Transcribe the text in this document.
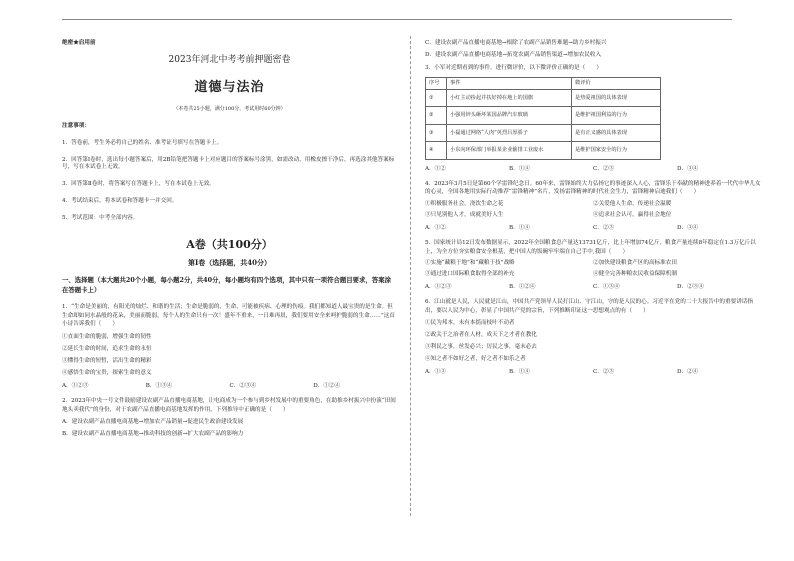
绝密★启用前

2023年河北中考考前押题密卷

道德与法治

（本卷共25小题，满分100分，考试用时60分钟）

注意事项：

1．答卷前，考生务必将自己的姓名、准考证号填写在答题卡上。

2．回答第Ⅰ卷时，选出每小题答案后，用2B铅笔把答题卡上对应题目的答案标号涂黑，如需改动，用橡皮擦干净后，再选涂其他答案标号，写在本试卷上无效。

3．回答第Ⅱ卷时，将答案写在答题卡上，写在本试卷上无效。

4．考试结束后，将本试卷和答题卡一并交回。

5．考试范围：中考全部内容。

A卷（共100分）

第Ⅰ卷（选择题，共40分）

一、选择题（本大题共20个小题，每小题2分，共40分，每小题均有四个选项，其中只有一项符合题目要求，答案涂在答题卡上）

1．“生命是美丽的，有阳光的灿烂、和谐的生活；生命是脆弱的，生命，可能被疾病、心理的伤痕。我们都知道人最宝贵的是生命。但生命却如同水晶般的花朵，美丽而脆弱，每个人的生命只有一次！盛年不重来，一日难再晨，我们要用安全来呵护脆弱的生命……”这首小诗告诉我们（　　）

①直面生命的脆弱，增强生命的韧性

②延长生命的时间，追求生命的永恒

③懂得生命的短暂，活出生命的精彩

④感悟生命的宝贵，探索生命的意义

A．①②③	B．①③④	C．②③④	D．①②④

2．2023年中央一号文件鼓励建设农副产品直播电商基地，让电商成为一个参与到乡村发展中的重要角色，在助推乡村振兴中扮演“田间地头卖我代”的身份，对于农副产品直播电商基地发挥的作用，下列推导中正确的是（　　）

A．建设农副产品直播电商基地→增加农产品销量→促进民生政治建设发展

B．建设农副产品直播电商基地→推动科技的创新→扩大农副产品的影响力

C．建设农副产品直播电商基地→根除了农副产品销售难题→助力乡村振兴

D．建设农副产品直播电商基地→拓宽农副产品销售渠道→增加农民收入

3．小军对近期看到的事件，进行微评价，以下微评价正确的是（　　）

序号	事件	微评价
①	小红主动捡起并扶好掉在地上的国旗	是热爱祖国的具体表现
②	小强用锌头砸坏某国品牌汽车玻璃	是维护祖国利益的行为
③	小磊通过网络“人肉”英烈吕厚骄子	是有正义感的具体表现
④	小东向环保部门举报某企业偷排工业废水	是维护国家安全的行为
A．①②	B．①④	C．②③	D．③④

4．2023年3月5日是第60个学雷锋纪念日。60年来，雷锋始终大力弘扬它的事迹深入人心，雷锋乐于奉献的精神进养着一代代中华儿女的心灵，全国各地用实际行动推荐“雷锋精神”名片，发扬雷锋精神的时代社会生力，雷锋精神启迪我们（　　）

①积极服务社会，浇饮生命之花	②关爱他人生命，传递社会温暖
③只见别他人才，成就美好人生	④追求社会认可，赢得社会地位
A．①②	B．①④	C．②③	D．③④

5．国家统计局12日发布数据显示，2022年全国粮食总产量达13731亿斤，比上年增加74亿斤，粮食产量连续8年稳定在1.3万亿斤以上，为全方位夯实粮食安全根基，把中国人的饭碗牢牢端在自己手中,我国（　　）

①实施“藏粮于地”和“藏粮于技”战略	②加快建设粮食产区的高标准农田
③通过进口国际粮食取得全部的补充	④健全完善种粮农民收益保障机制
A．①②③	B．①②④	C．①③④	D．②③④

6．江山就是人民，人民就是江山，中国共产党领导人民打江山、守江山，守的是人民的心。习近平在党的二十大报告中的重要讲话指出，要以人民为中心，彰显了中国共产党的宗旨，下列推断印证这一思想观点的有（　　）

①民为邦本，未有本揺而枝叶不动者

②政关于之治者在人材，成天下之才者在教化

③利民之事，丝发必兴；厉民之事，毫末必去

④知之者不如好之者，好之者不如乐之者

A．①③	B．①④	C．②③	D．②④
